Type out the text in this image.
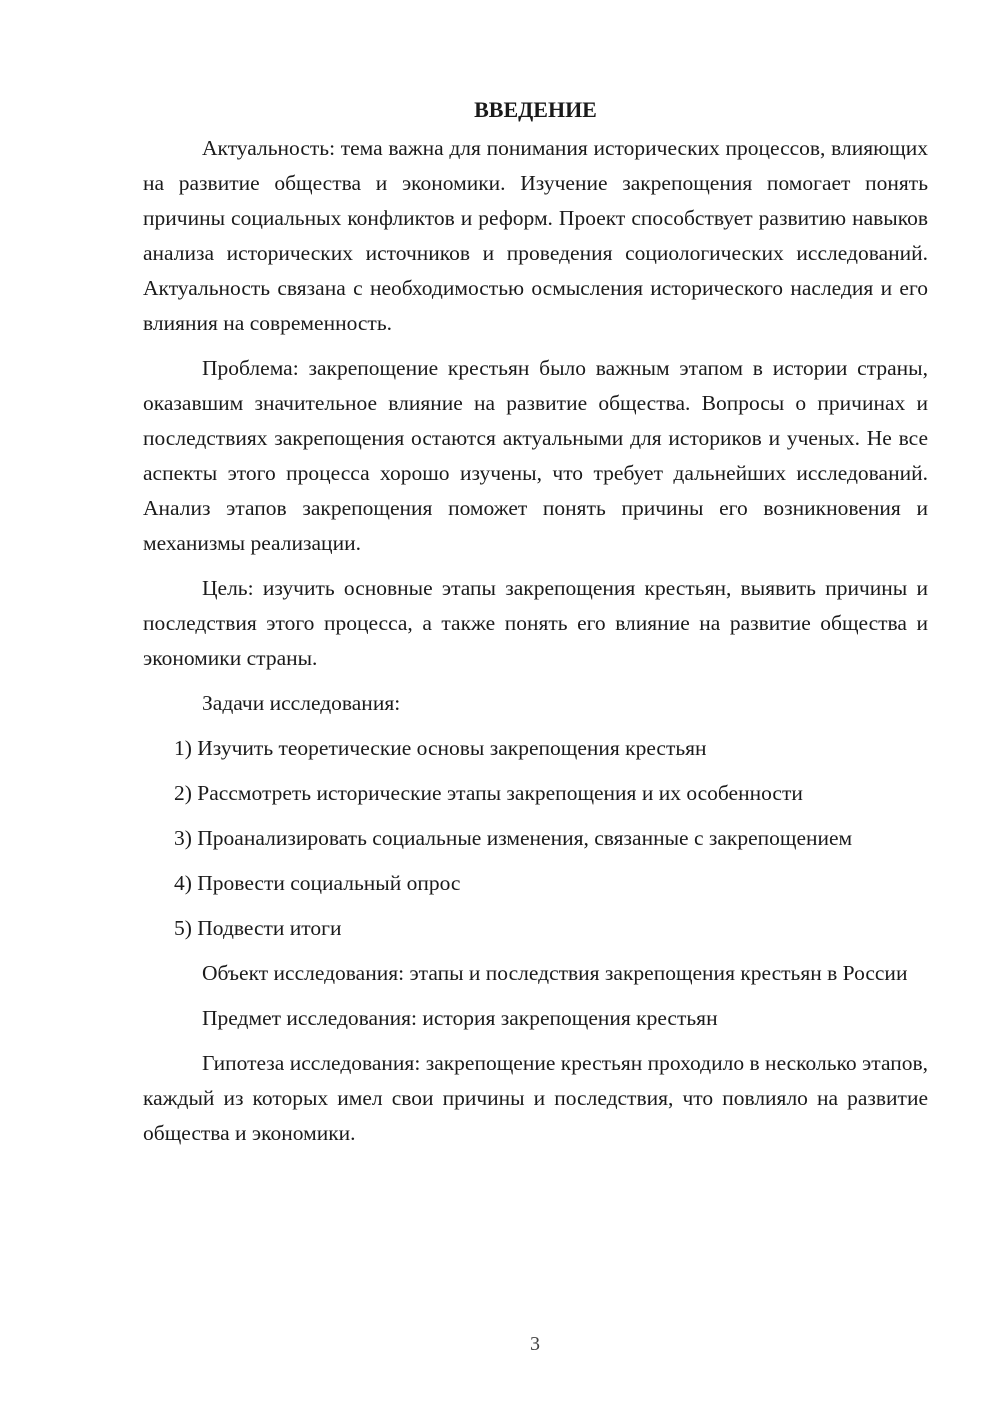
ВВЕДЕНИЕ

Актуальность: тема важна для понимания исторических процессов, влияющих на развитие общества и экономики. Изучение закрепощения помогает понять причины социальных конфликтов и реформ. Проект способствует развитию навыков анализа исторических источников и проведения социологических исследований. Актуальность связана с необходимостью осмысления исторического наследия и его влияния на современность.

Проблема: закрепощение крестьян было важным этапом в истории страны, оказавшим значительное влияние на развитие общества. Вопросы о причинах и последствиях закрепощения остаются актуальными для историков и ученых. Не все аспекты этого процесса хорошо изучены, что требует дальнейших исследований. Анализ этапов закрепощения поможет понять причины его возникновения и механизмы реализации.

Цель: изучить основные этапы закрепощения крестьян, выявить причины и последствия этого процесса, а также понять его влияние на развитие общества и экономики страны.

Задачи исследования:

1) Изучить теоретические основы закрепощения крестьян

2) Рассмотреть исторические этапы закрепощения и их особенности

3) Проанализировать социальные изменения, связанные с закрепощением

4) Провести социальный опрос

5) Подвести итоги

Объект исследования: этапы и последствия закрепощения крестьян в России

Предмет исследования: история закрепощения крестьян

Гипотеза исследования: закрепощение крестьян проходило в несколько этапов, каждый из которых имел свои причины и последствия, что повлияло на развитие общества и экономики.

3
